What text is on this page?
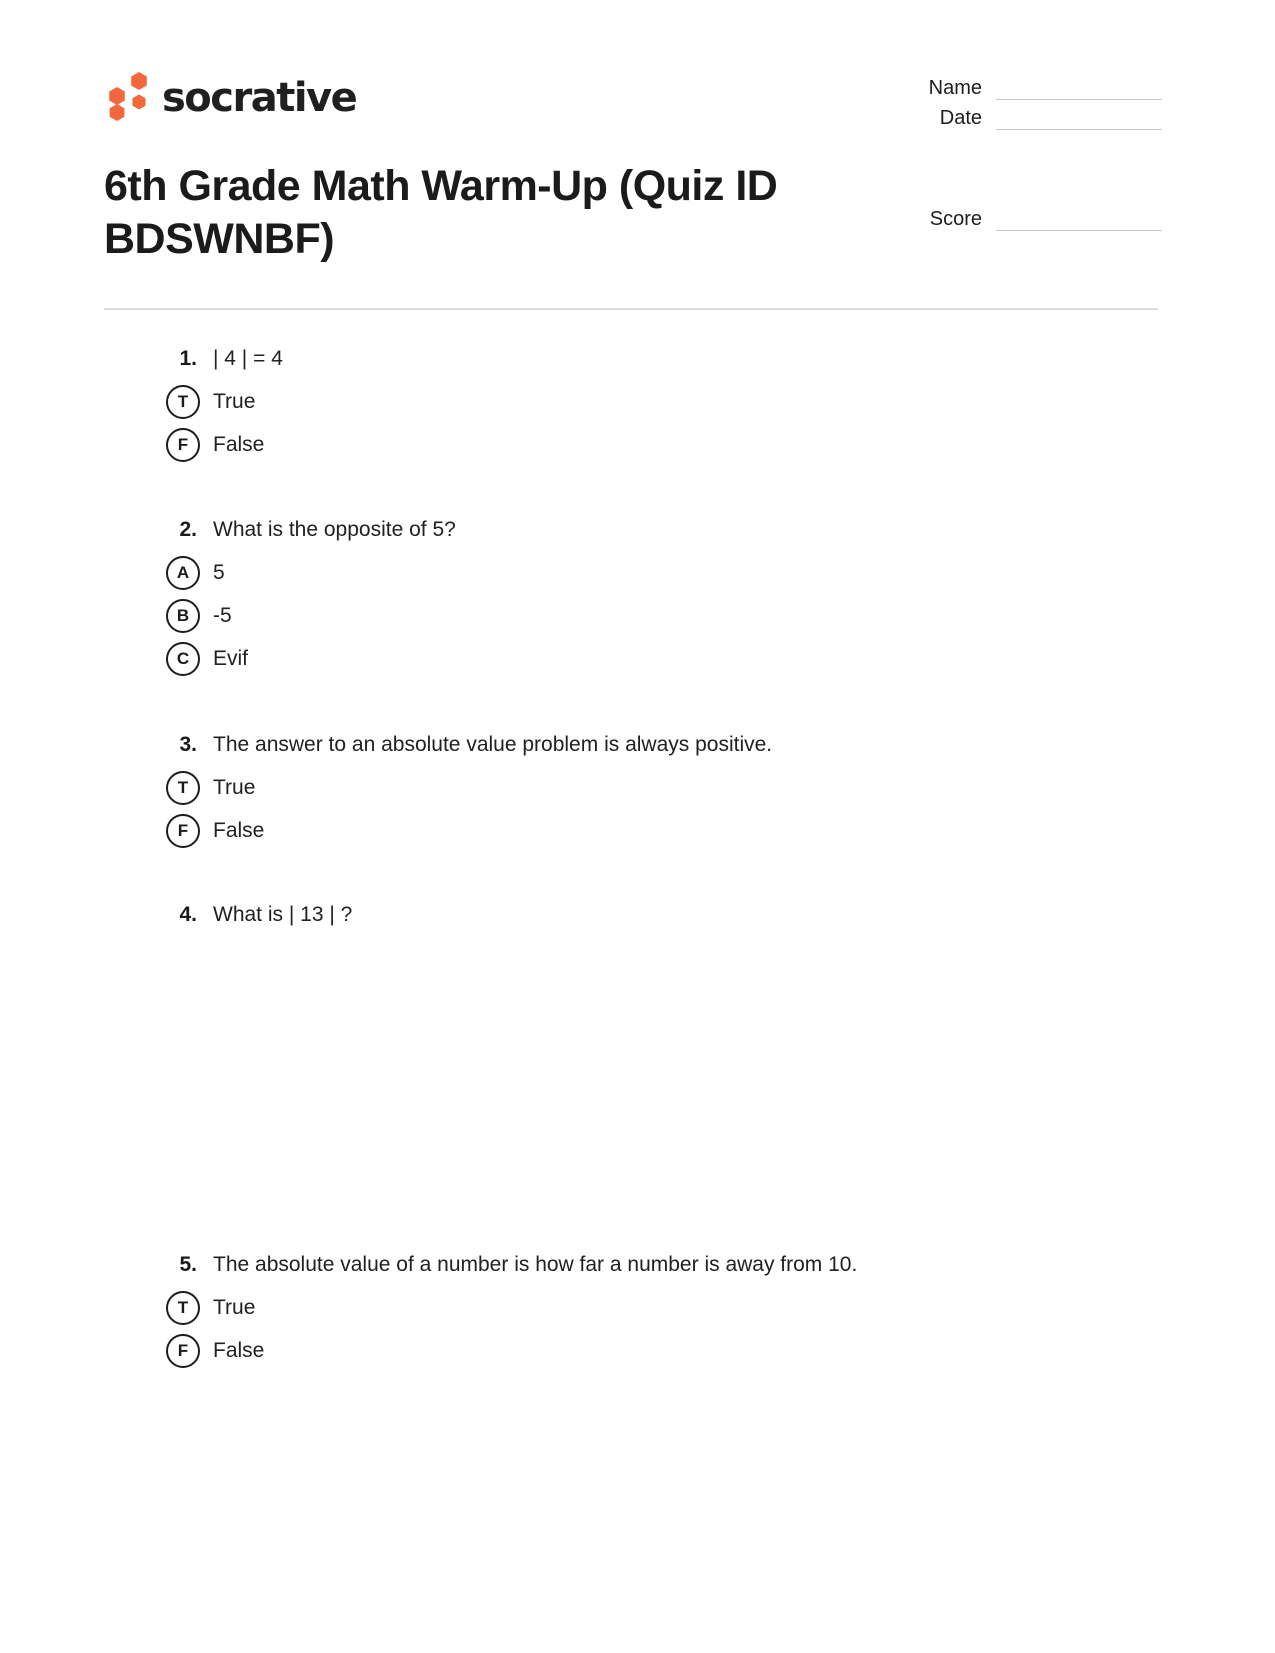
socrative	Name
Date
Score
6th Grade Math Warm-Up (Quiz ID BDSWNBF)
1. | 4 | = 4
T	True
F	False
2. What is the opposite of 5?
A	5
B	-5
C	Evif
3. The answer to an absolute value problem is always positive.
T	True
F	False
4. What is | 13 | ?
5. The absolute value of a number is how far a number is away from 10.
T	True
F	False
